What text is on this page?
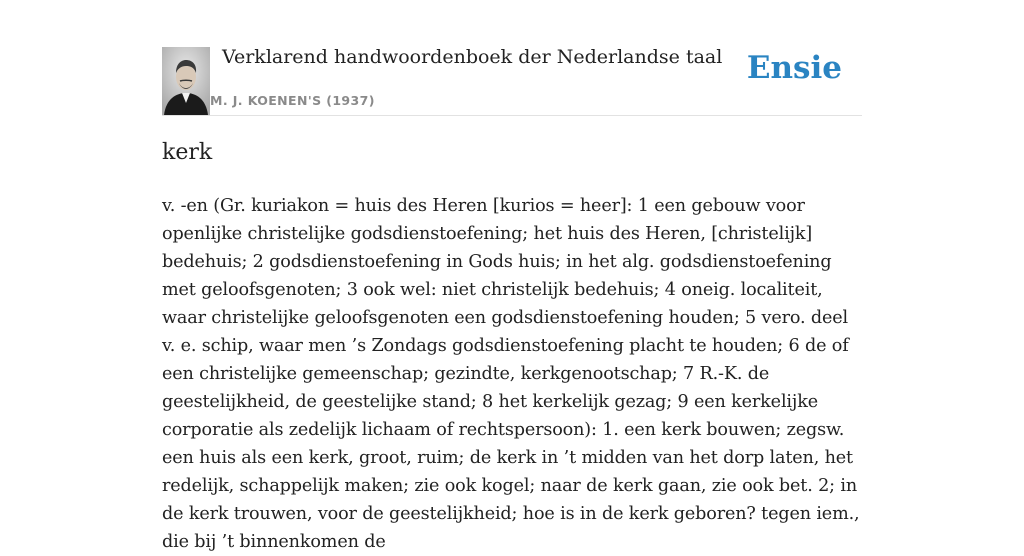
Verklarend handwoordenboek der Nederlandse taal
M. J. KOENEN'S (1937)
Ensie
kerk

v. -en (Gr. kuriakon = huis des Heren [kurios = heer]: 1 een gebouw voor openlijke christelijke godsdienstoefening; het huis des Heren, [christelijk] bedehuis; 2 godsdienstoefening in Gods huis; in het alg. godsdienstoefening met geloofsgenoten; 3 ook wel: niet christelijk bedehuis; 4 oneig. localiteit, waar christelijke geloofsgenoten een godsdienstoefening houden; 5 vero. deel v. e. schip, waar men ’s Zondags godsdienstoefening placht te houden; 6 de of een christelijke gemeenschap; gezindte, kerkgenootschap; 7 R.-K. de geestelijkheid, de geestelijke stand; 8 het kerkelijk gezag; 9 een kerkelijke corporatie als zedelijk lichaam of rechtspersoon): 1. een kerk bouwen; zegsw. een huis als een kerk, groot, ruim; de kerk in ’t midden van het dorp laten, het redelijk, schappelijk maken; zie ook kogel; naar de kerk gaan, zie ook bet. 2; in de kerk trouwen, voor de geestelijkheid; hoe is in de kerk geboren? tegen iem., die bij ’t binnenkomen de
